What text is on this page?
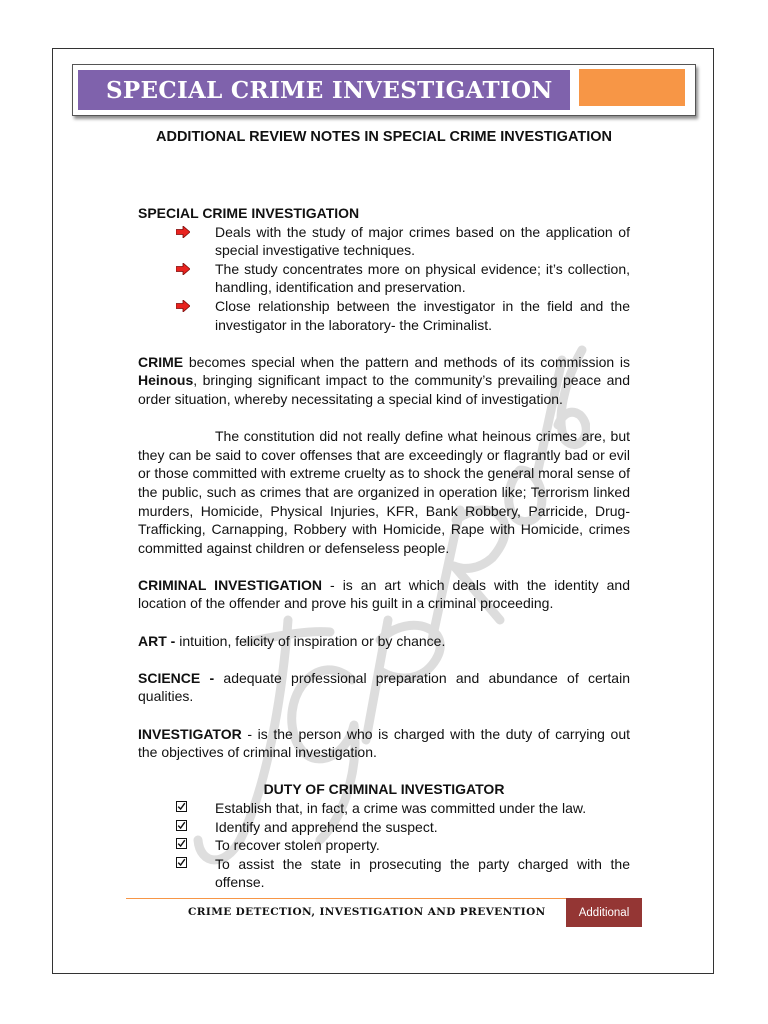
SPECIAL CRIME INVESTIGATION
ADDITIONAL REVIEW NOTES IN SPECIAL CRIME INVESTIGATION

SPECIAL CRIME INVESTIGATION

Deals with the study of major crimes based on the application of special investigative techniques.
The study concentrates more on physical evidence; it’s collection, handling, identification and preservation.
Close relationship between the investigator in the field and the investigator in the laboratory- the Criminalist.

CRIME becomes special when the pattern and methods of its commission is Heinous, bringing significant impact to the community’s prevailing peace and order situation, whereby necessitating a special kind of investigation.

The constitution did not really define what heinous crimes are, but they can be said to cover offenses that are exceedingly or flagrantly bad or evil or those committed with extreme cruelty as to shock the general moral sense of the public, such as crimes that are organized in operation like; Terrorism linked murders, Homicide, Physical Injuries, KFR, Bank Robbery, Parricide, Drug-Trafficking, Carnapping, Robbery with Homicide, Rape with Homicide, crimes committed against children or defenseless people.

CRIMINAL INVESTIGATION - is an art which deals with the identity and location of the offender and prove his guilt in a criminal proceeding.

ART - intuition, felicity of inspiration or by chance.

SCIENCE - adequate professional preparation and abundance of certain qualities.

INVESTIGATOR - is the person who is charged with the duty of carrying out the objectives of criminal investigation.

DUTY OF CRIMINAL INVESTIGATOR

Establish that, in fact, a crime was committed under the law.
Identify and apprehend the suspect.
To recover stolen property.
To assist the state in prosecuting the party charged with the offense.
CRIME DETECTION, INVESTIGATION AND PREVENTION	Additional
